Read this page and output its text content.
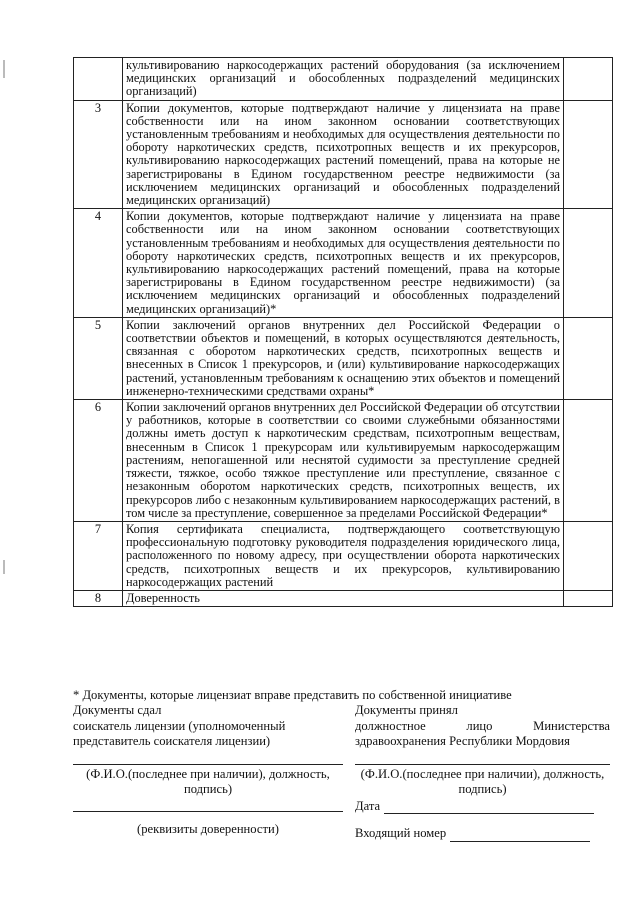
	культивированию наркосодержащих растений оборудования (за исключением медицинских организаций и обособленных подразделений медицинских организаций)	
3	Копии документов, которые подтверждают наличие у лицензиата на праве собственности или на ином законном основании соответствующих установленным требованиям и необходимых для осуществления деятельности по обороту наркотических средств, психотропных веществ и их прекурсоров, культивированию наркосодержащих растений помещений, права на которые не зарегистрированы в Едином государственном реестре недвижимости (за исключением медицинских организаций и обособленных подразделений медицинских организаций)	
4	Копии документов, которые подтверждают наличие у лицензиата на праве собственности или на ином законном основании соответствующих установленным требованиям и необходимых для осуществления деятельности по обороту наркотических средств, психотропных веществ и их прекурсоров, культивированию наркосодержащих растений помещений, права на которые зарегистрированы в Едином государственном реестре недвижимости) (за исключением медицинских организаций и обособленных подразделений медицинских организаций)*	
5	Копии заключений органов внутренних дел Российской Федерации о соответствии объектов и помещений, в которых осуществляются деятельность, связанная с оборотом наркотических средств, психотропных веществ и внесенных в Список 1 прекурсоров, и (или) культивирование наркосодержащих растений, установленным требованиям к оснащению этих объектов и помещений инженерно-техническими средствами охраны*	
6	Копии заключений органов внутренних дел Российской Федерации об отсутствии у работников, которые в соответствии со своими служебными обязанностями должны иметь доступ к наркотическим средствам, психотропным веществам, внесенным в Список 1 прекурсорам или культивируемым наркосодержащим растениям, непогашенной или неснятой судимости за преступление средней тяжести, тяжкое, особо тяжкое преступление или преступление, связанное с незаконным оборотом наркотических средств, психотропных веществ, их прекурсоров либо с незаконным культивированием наркосодержащих растений, в том числе за преступление, совершенное за пределами Российской Федерации*	
7	Копия сертификата специалиста, подтверждающего соответствующую профессиональную подготовку руководителя подразделения юридического лица, расположенного по новому адресу, при осуществлении оборота наркотических средств, психотропных веществ и их прекурсоров, культивированию наркосодержащих растений	
8	Доверенность	
* Документы, которые лицензиат вправе представить по собственной инициативе
Документы сдал
соискатель лицензии (уполномоченный
представитель соискателя лицензии)
(Ф.И.О.(последнее при наличии), должность,
подпись)
(реквизиты доверенности)
Документы принял
должностное	лицо	Министерства
здравоохранения Республики Мордовия
(Ф.И.О.(последнее при наличии), должность,
подпись)
Дата
Входящий номер
